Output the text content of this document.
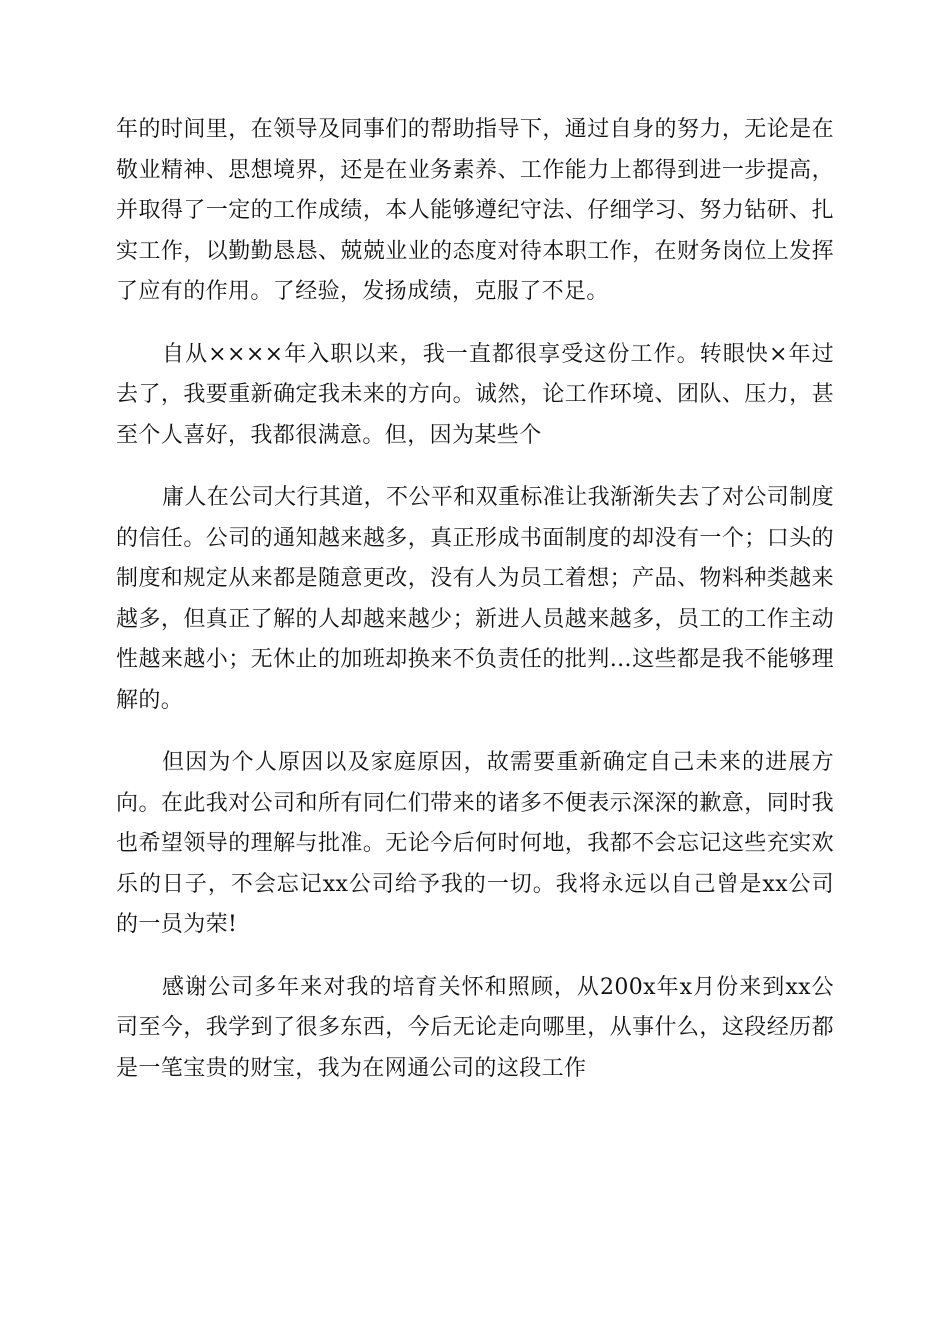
年的时间里，在领导及同事们的帮助指导下，通过自身的努力，无论是在敬业精神、思想境界，还是在业务素养、工作能力上都得到进一步提高，并取得了一定的工作成绩，本人能够遵纪守法、仔细学习、努力钻研、扎实工作，以勤勤恳恳、兢兢业业的态度对待本职工作，在财务岗位上发挥了应有的作用。了经验，发扬成绩，克服了不足。

自从××××年入职以来，我一直都很享受这份工作。转眼快×年过去了，我要重新确定我未来的方向。诚然，论工作环境、团队、压力，甚至个人喜好，我都很满意。但，因为某些个

庸人在公司大行其道，不公平和双重标准让我渐渐失去了对公司制度的信任。公司的通知越来越多，真正形成书面制度的却没有一个；口头的制度和规定从来都是随意更改，没有人为员工着想；产品、物料种类越来越多，但真正了解的人却越来越少；新进人员越来越多，员工的工作主动性越来越小；无休止的加班却换来不负责任的批判…这些都是我不能够理解的。

但因为个人原因以及家庭原因，故需要重新确定自己未来的进展方向。在此我对公司和所有同仁们带来的诸多不便表示深深的歉意，同时我也希望领导的理解与批准。无论今后何时何地，我都不会忘记这些充实欢乐的日子，不会忘记xx公司给予我的一切。我将永远以自己曾是xx公司的一员为荣!

感谢公司多年来对我的培育关怀和照顾，从200x年x月份来到xx公司至今，我学到了很多东西，今后无论走向哪里，从事什么，这段经历都是一笔宝贵的财宝，我为在网通公司的这段工作
